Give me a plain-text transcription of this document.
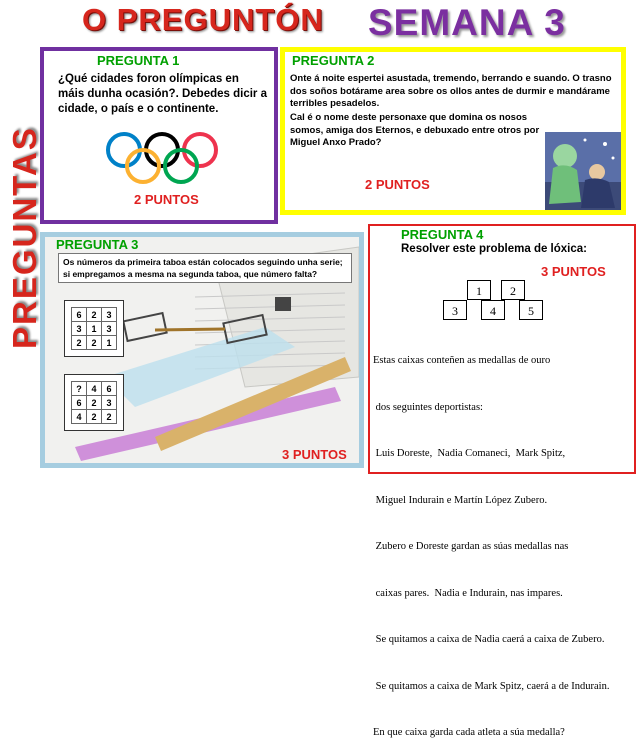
O PREGUNTÓN SEMANA 3
PREGUNTAS
PREGUNTA 1
¿Qué cidades foron olímpicas en máis dunha ocasión?. Debedes dicir a cidade, o país e o continente.
2 PUNTOS
PREGUNTA 2
Onte á noite espertei asustada, tremendo, berrando e suando. O trasno dos soños botárame area sobre os ollos antes de durmir e mandárame terribles pesadelos.
Cal é o nome deste personaxe que domina os nosos somos, amiga dos Eternos, e debuxado entre otros por Miguel Anxo Prado?
2 PUNTOS
PREGUNTA 3
Os números da primeira taboa están colocados seguindo unha serie; si empregamos a mesma na segunda taboa, que número falta?
6	2	3
3	1	3
2	2	1
?	4	6
6	2	3
4	2	2
3 PUNTOS
PREGUNTA 4
Resolver este problema de lóxica:
3 PUNTOS
1	2
3	4	5

Estas caixas conteñen as medallas de ouro

dos seguintes deportistas:

Luis Doreste,  Nadia Comaneci,  Mark Spitz,

Miguel Indurain e Martín López Zubero.

Zubero e Doreste gardan as súas medallas nas

caixas pares.  Nadia e Indurain, nas impares.

Se quitamos a caixa de Nadia caerá a caixa de Zubero.

Se quitamos a caixa de Mark Spitz, caerá a de Indurain.

En que caixa garda cada atleta a súa medalla?
